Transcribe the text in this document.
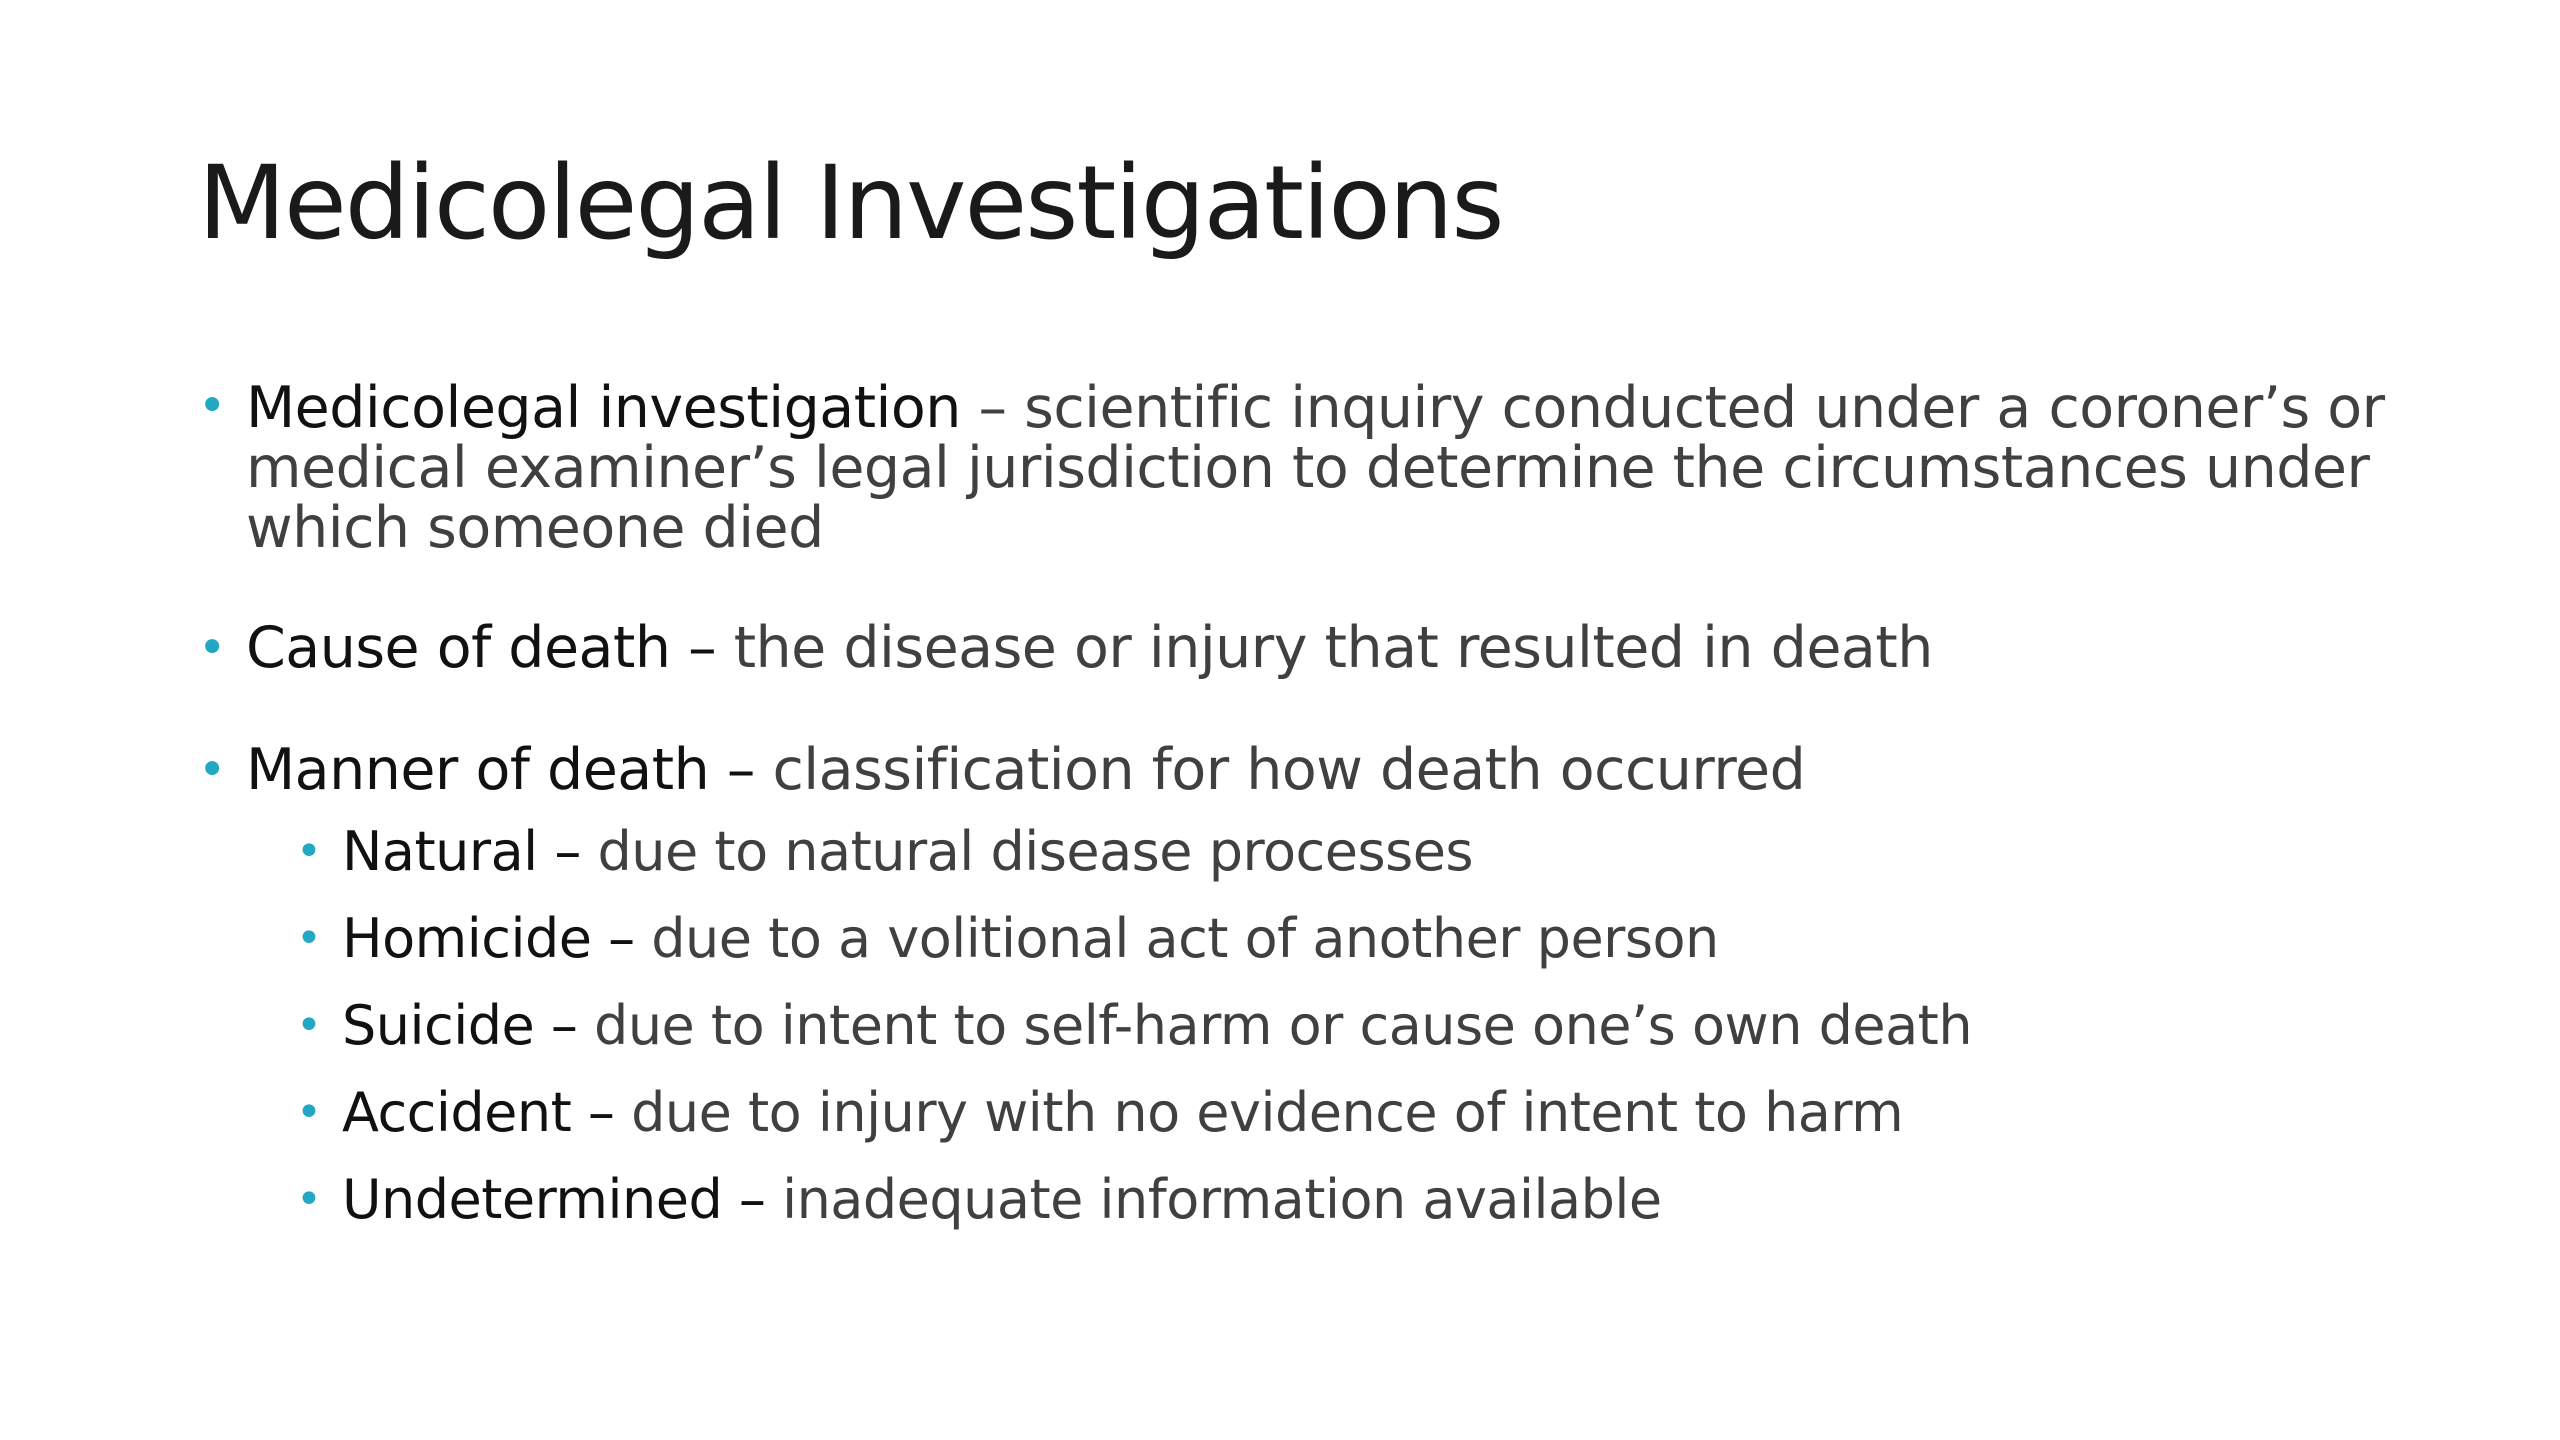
Medicolegal Investigations
• Medicolegal investigation – scientific inquiry conducted under a coroner’s or medical examiner’s legal jurisdiction to determine the circumstances under which someone died
• Cause of death – the disease or injury that resulted in death
• Manner of death – classification for how death occurred
• Natural – due to natural disease processes
• Homicide – due to a volitional act of another person
• Suicide – due to intent to self-harm or cause one’s own death
• Accident – due to injury with no evidence of intent to harm
• Undetermined – inadequate information available
